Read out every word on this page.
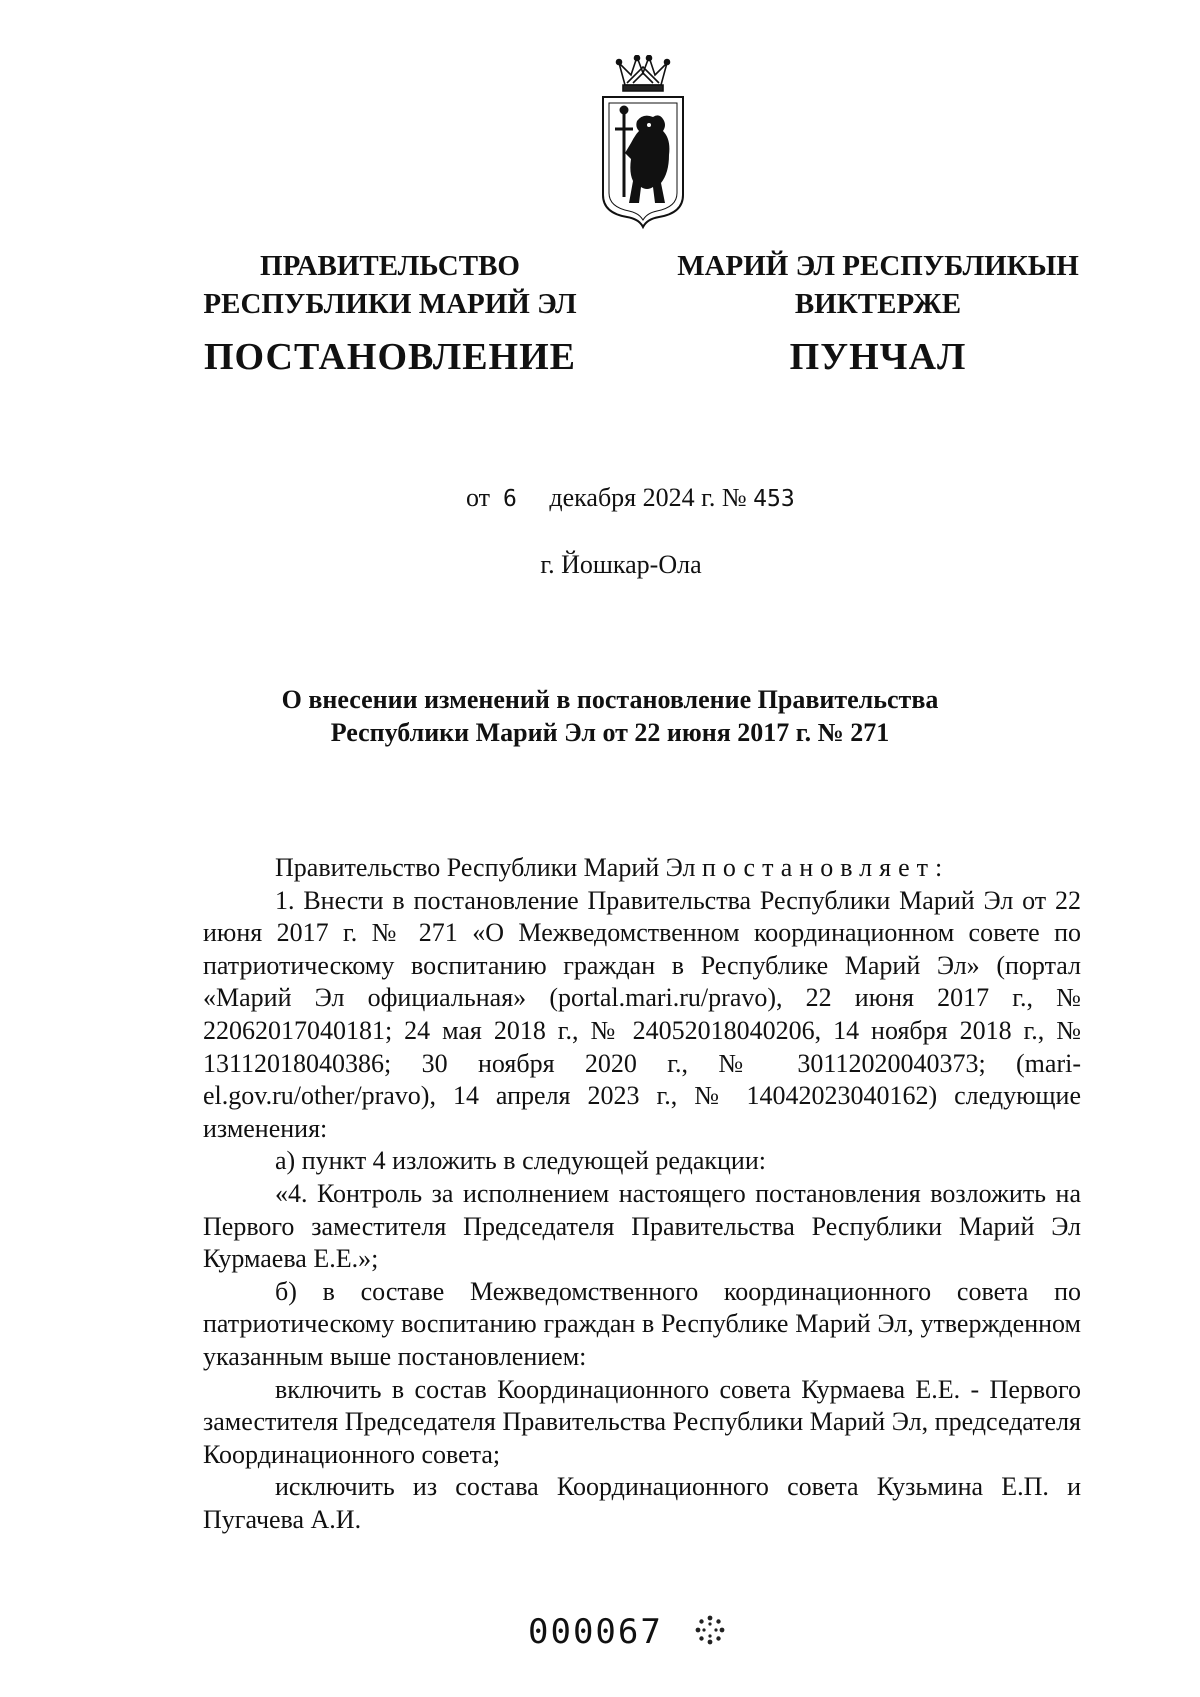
ПРАВИТЕЛЬСТВО
РЕСПУБЛИКИ МАРИЙ ЭЛ
ПОСТАНОВЛЕНИЕ
МАРИЙ ЭЛ РЕСПУБЛИКЫН
ВИКТЕРЖЕ
ПУНЧАЛ
от 6 декабря 2024 г. № 453
г. Йошкар-Ола
О внесении изменений в постановление Правительства
Республики Марий Эл от 22 июня 2017 г. № 271

Правительство Республики Марий Эл постановляет:

1. Внести в постановление Правительства Республики Марий Эл от 22 июня 2017 г. № 271 «О Межведомственном координационном совете по патриотическому воспитанию граждан в Республике Марий Эл» (портал «Марий Эл официальная» (portal.mari.ru/pravo), 22 июня 2017 г., № 22062017040181; 24 мая 2018 г., № 24052018040206, 14 ноября 2018 г., № 13112018040386; 30 ноября 2020 г., № 30112020040373; (mari-el.gov.ru/other/pravo), 14 апреля 2023 г., № 14042023040162) следующие изменения:

а) пункт 4 изложить в следующей редакции:

«4. Контроль за исполнением настоящего постановления возложить на Первого заместителя Председателя Правительства Республики Марий Эл Курмаева Е.Е.»;

б) в составе Межведомственного координационного совета по патриотическому воспитанию граждан в Республике Марий Эл, утвержденном указанным выше постановлением:

включить в состав Координационного совета Курмаева Е.Е. - Первого заместителя Председателя Правительства Республики Марий Эл, председателя Координационного совета;

исключить из состава Координационного совета Кузьмина Е.П. и Пугачева А.И.

000067
